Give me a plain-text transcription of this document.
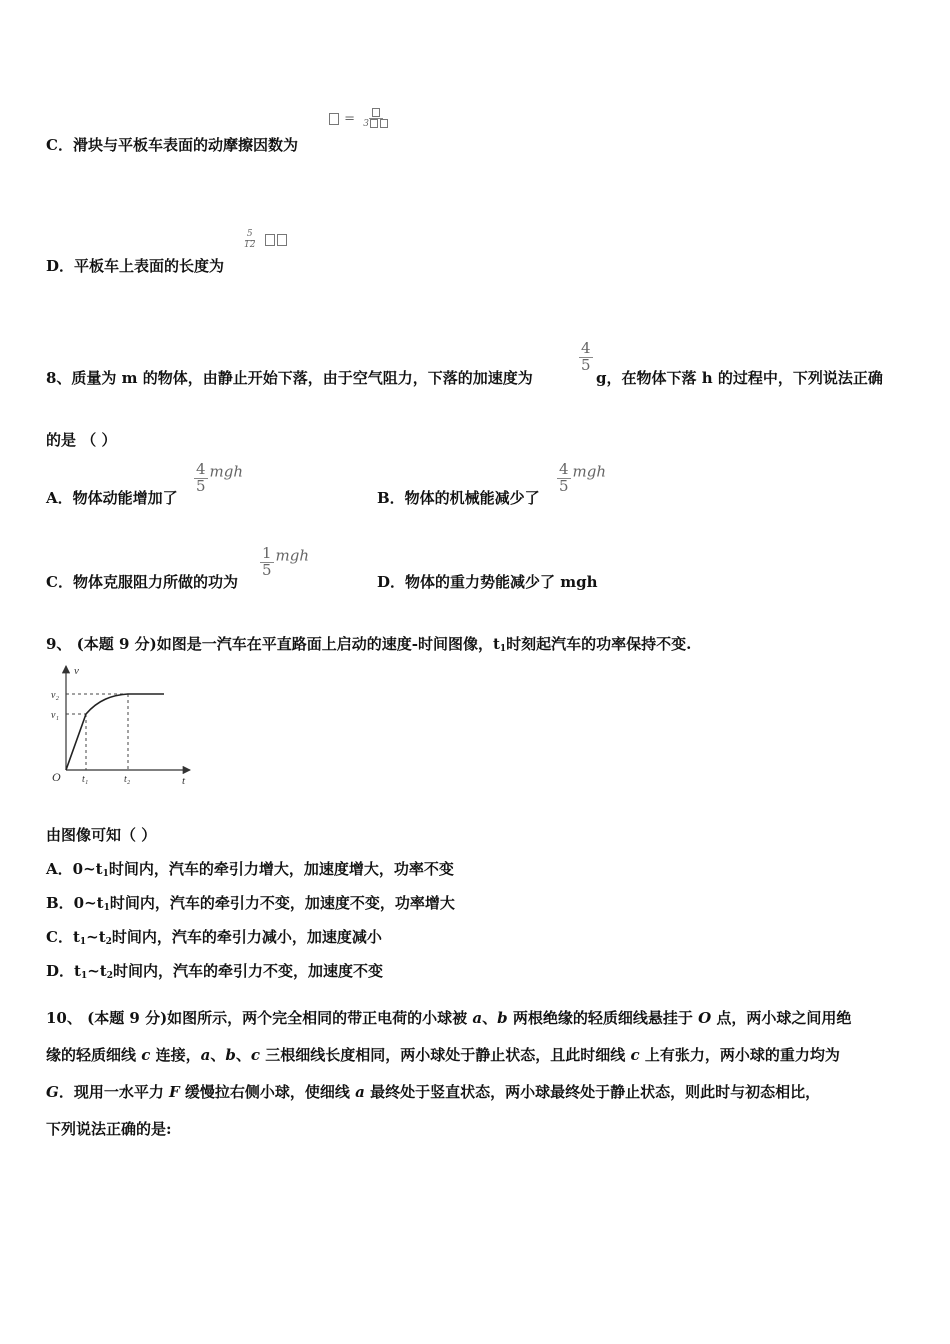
C．滑块与平板车表面的动摩擦因数为
= 3
D．平板车上表面的长度为
$\frac{5}{12}$

8、质量为 m 的物体，由静止开始下落，由于空气阻力，下落的加速度为
$\frac{4}{5}$
g，在物体下落 h 的过程中，下列说法正确
的是 （ ）
A．物体动能增加了
$\frac{4}{5}$ mgh
B．物体的机械能减少了
$\frac{4}{5}$ mgh
C．物体克服阻力所做的功为
$\frac{1}{5}$ mgh
D．物体的重力势能减少了 mgh
9、 (本题 9 分)如图是一汽车在平直路面上启动的速度-时间图像，$t_1$时刻起汽车的功率保持不变.
v
t
O
v₂
v₁
t₁	t₂
由图像可知（ ）
A．$0\sim t_1$时间内，汽车的牵引力增大，加速度增大，功率不变
B．$0\sim t_1$时间内，汽车的牵引力不变，加速度不变，功率增大
C．$t_1\sim t_2$时间内，汽车的牵引力减小，加速度减小
D．$t_1\sim t_2$时间内，汽车的牵引力不变，加速度不变
10、 (本题 9 分)如图所示，两个完全相同的带正电荷的小球被 a、b 两根绝缘的轻质细线悬挂于 O 点，两小球之间用绝
缘的轻质细线 c 连接，a、b、c 三根细线长度相同，两小球处于静止状态，且此时细线 c 上有张力，两小球的重力均为
G．现用一水平力 F 缓慢拉右侧小球，使细线 a 最终处于竖直状态，两小球最终处于静止状态，则此时与初态相比，
下列说法正确的是:
